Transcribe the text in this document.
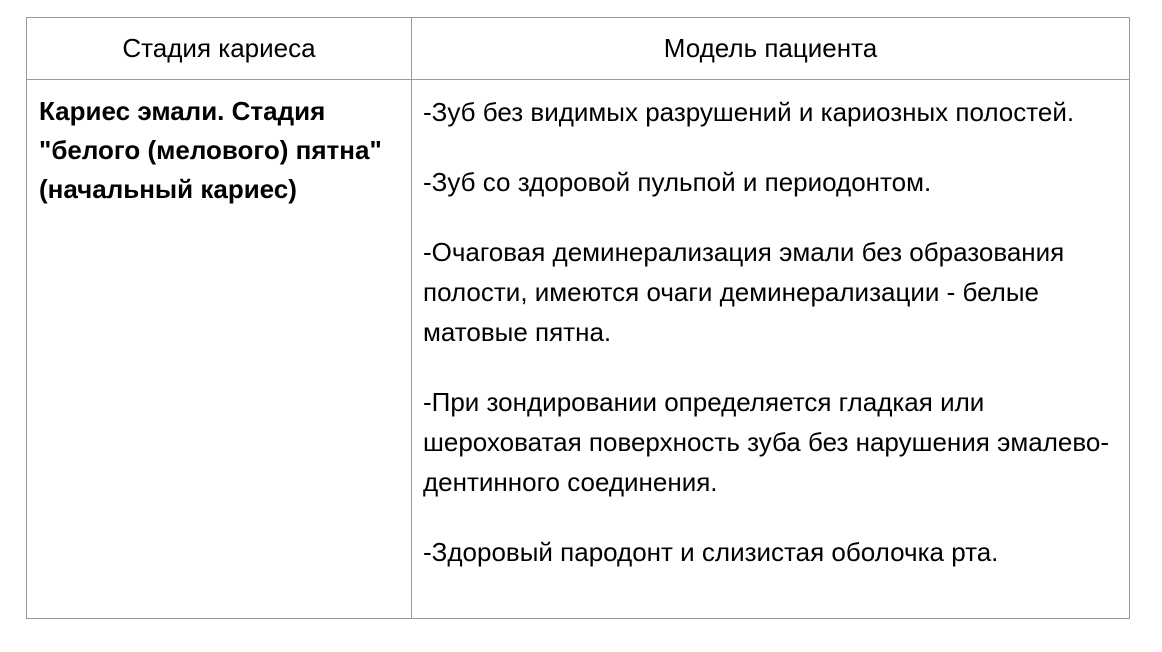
Стадия кариеса	Модель пациента
Кариес эмали. Стадия "белого (мелового) пятна" (начальный кариес)

-Зуб без видимых разрушений и кариозных полостей.

-Зуб со здоровой пульпой и периодонтом.

-Очаговая деминерализация эмали без образования полости, имеются очаги деминерализации - белые матовые пятна.

-При зондировании определяется гладкая или шероховатая поверхность зуба без нарушения эмалево-дентинного соединения.

-Здоровый пародонт и слизистая оболочка рта.
